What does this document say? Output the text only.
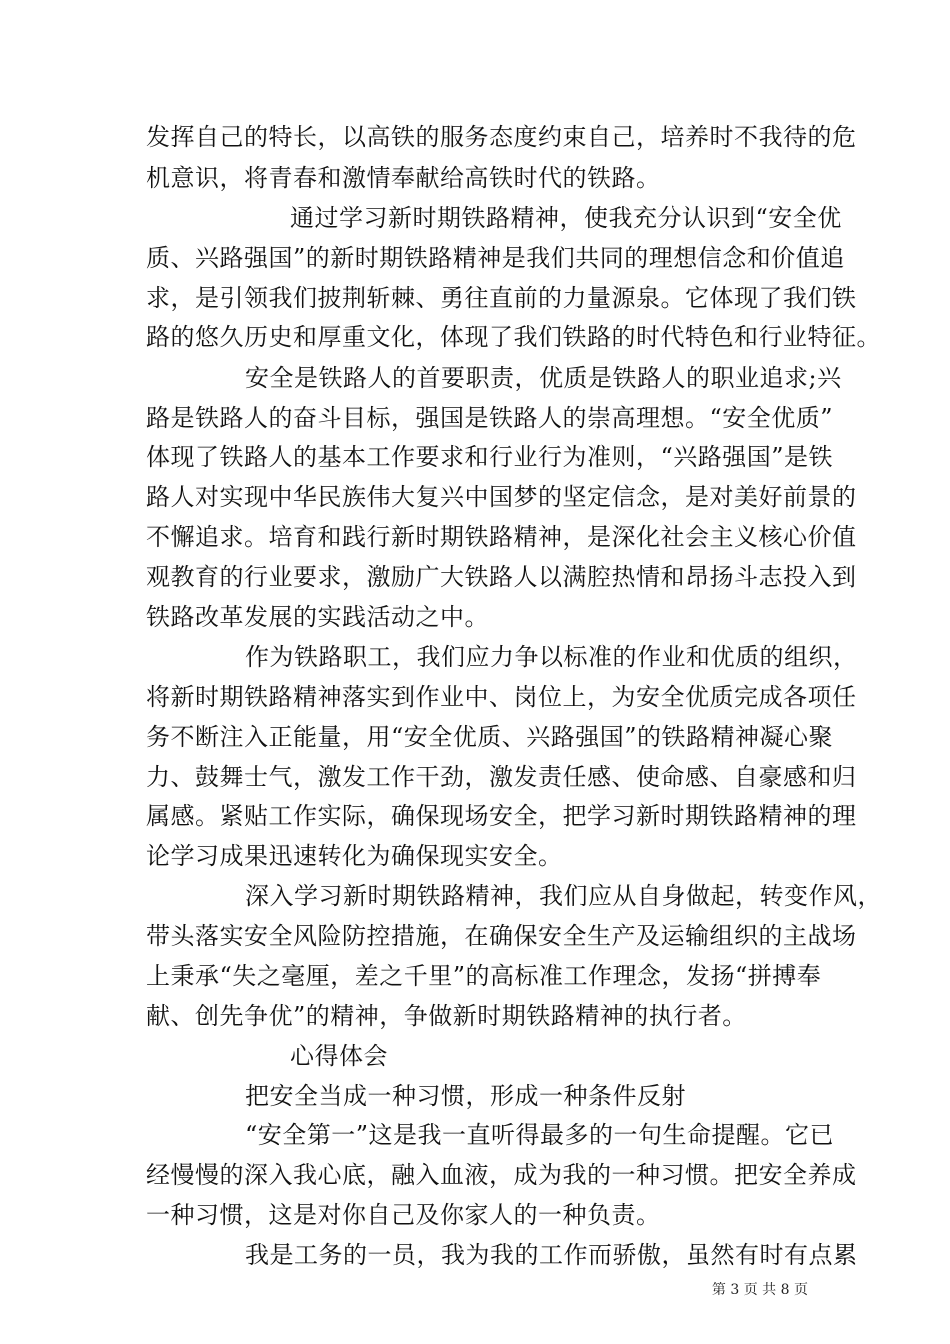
发挥自己的特长，以高铁的服务态度约束自己，培养时不我待的危
机意识，将青春和激情奉献给高铁时代的铁路。
通过学习新时期铁路精神，使我充分认识到“安全优
质、兴路强国”的新时期铁路精神是我们共同的理想信念和价值追
求，是引领我们披荆斩棘、勇往直前的力量源泉。它体现了我们铁
路的悠久历史和厚重文化，体现了我们铁路的时代特色和行业特征。
安全是铁路人的首要职责，优质是铁路人的职业追求;兴
路是铁路人的奋斗目标，强国是铁路人的崇高理想。“安全优质”
体现了铁路人的基本工作要求和行业行为准则，“兴路强国”是铁
路人对实现中华民族伟大复兴中国梦的坚定信念，是对美好前景的
不懈追求。培育和践行新时期铁路精神，是深化社会主义核心价值
观教育的行业要求，激励广大铁路人以满腔热情和昂扬斗志投入到
铁路改革发展的实践活动之中。
作为铁路职工，我们应力争以标准的作业和优质的组织，
将新时期铁路精神落实到作业中、岗位上，为安全优质完成各项任
务不断注入正能量，用“安全优质、兴路强国”的铁路精神凝心聚
力、鼓舞士气，激发工作干劲，激发责任感、使命感、自豪感和归
属感。紧贴工作实际，确保现场安全，把学习新时期铁路精神的理
论学习成果迅速转化为确保现实安全。
深入学习新时期铁路精神，我们应从自身做起，转变作风，
带头落实安全风险防控措施，在确保安全生产及运输组织的主战场
上秉承“失之毫厘，差之千里”的高标准工作理念，发扬“拼搏奉
献、创先争优”的精神，争做新时期铁路精神的执行者。
心得体会
把安全当成一种习惯，形成一种条件反射
“安全第一”这是我一直听得最多的一句生命提醒。它已
经慢慢的深入我心底，融入血液，成为我的一种习惯。把安全养成
一种习惯，这是对你自己及你家人的一种负责。
我是工务的一员，我为我的工作而骄傲，虽然有时有点累
第 3 页 共 8 页
